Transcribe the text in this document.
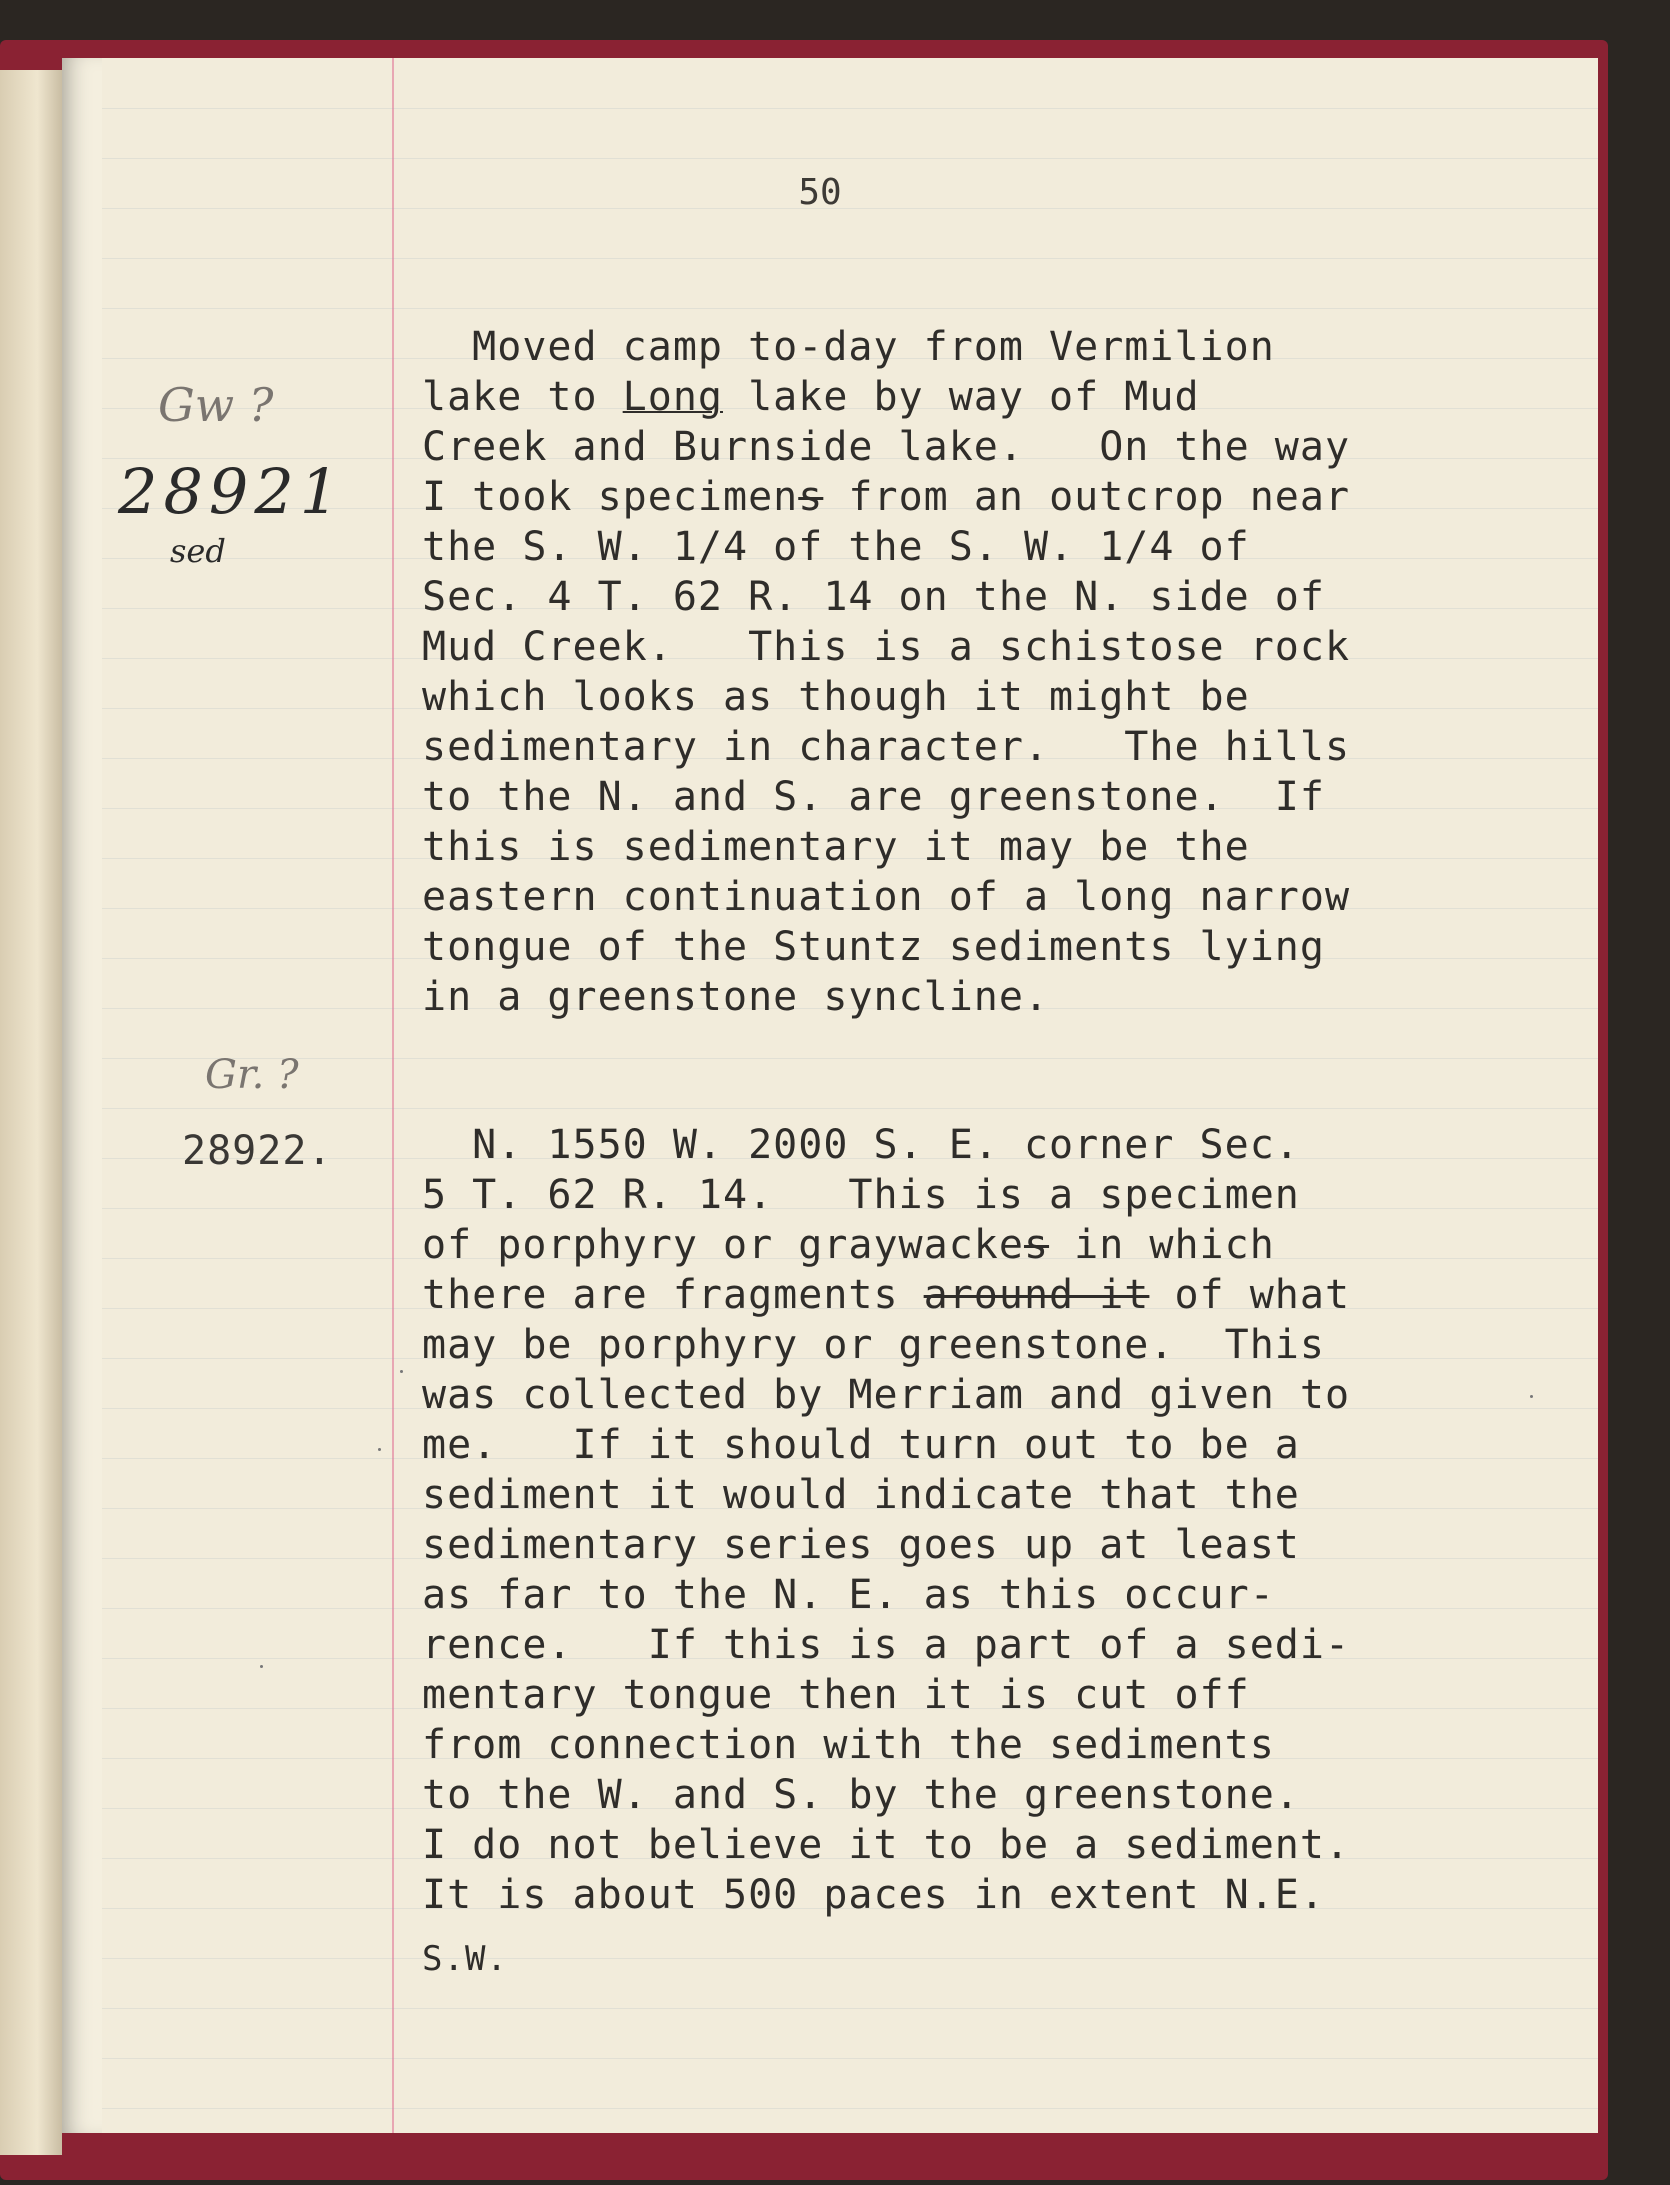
50
Gw ?
28921
sed
Gr. ?
28922.
Moved camp to-day from Vermilion
lake to Long lake by way of Mud
Creek and Burnside lake.   On the way
I took specimens from an outcrop near
the S. W. 1/4 of the S. W. 1/4 of
Sec. 4 T. 62 R. 14 on the N. side of
Mud Creek.   This is a schistose rock
which looks as though it might be
sedimentary in character.   The hills
to the N. and S. are greenstone.  If
this is sedimentary it may be the
eastern continuation of a long narrow
tongue of the Stuntz sediments lying
in a greenstone syncline.
N. 1550 W. 2000 S. E. corner Sec.
5 T. 62 R. 14.   This is a specimen
of porphyry or graywackes in which
there are fragments around it of what
may be porphyry or greenstone.  This
was collected by Merriam and given to
me.   If it should turn out to be a
sediment it would indicate that the
sedimentary series goes up at least
as far to the N. E. as this occur-
rence.   If this is a part of a sedi-
mentary tongue then it is cut off
from connection with the sediments
to the W. and S. by the greenstone.
I do not believe it to be a sediment.
It is about 500 paces in extent N.E.
S.W.
